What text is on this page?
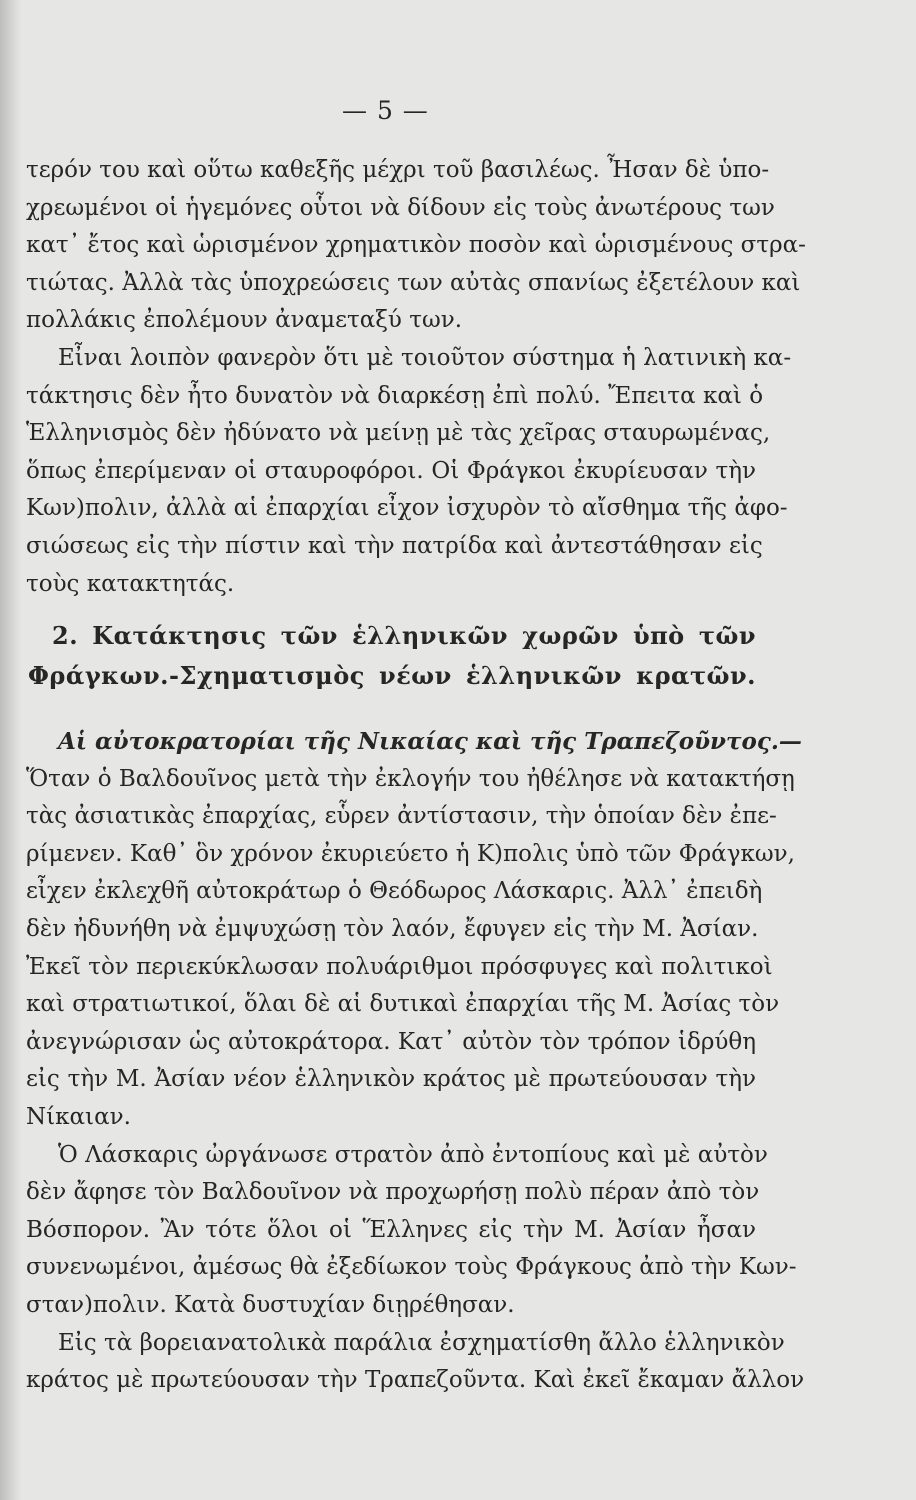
— 5 —
τερόν του καὶ οὕτω καθεξῆς μέχρι τοῦ βασιλέως. Ἦσαν δὲ ὑπο-
χρεωμένοι οἱ ἡγεμόνες οὗτοι νὰ δίδουν εἰς τοὺς ἀνωτέρους των
κατ᾽ ἔτος καὶ ὡρισμένον χρηματικὸν ποσὸν καὶ ὡρισμένους στρα-
τιώτας. Ἀλλὰ τὰς ὑποχρεώσεις των αὐτὰς σπανίως ἐξετέλουν καὶ
πολλάκις ἐπολέμουν ἀναμεταξύ των.
Εἶναι λοιπὸν φανερὸν ὅτι μὲ τοιοῦτον σύστημα ἡ λατινικὴ κα-
τάκτησις δὲν ἦτο δυνατὸν νὰ διαρκέσῃ ἐπὶ πολύ. Ἔπειτα καὶ ὁ
Ἑλληνισμὸς δὲν ἠδύνατο νὰ μείνῃ μὲ τὰς χεῖρας σταυρωμένας,
ὅπως ἐπερίμεναν οἱ σταυροφόροι. Οἱ Φράγκοι ἐκυρίευσαν τὴν
Κων)πολιν, ἀλλὰ αἱ ἐπαρχίαι εἶχον ἰσχυρὸν τὸ αἴσθημα τῆς ἀφο-
σιώσεως εἰς τὴν πίστιν καὶ τὴν πατρίδα καὶ ἀντεστάθησαν εἰς
τοὺς κατακτητάς.
2. Κατάκτησις τῶν ἑλληνικῶν χωρῶν ὑπὸ τῶν
Φράγκων.-Σχηματισμὸς νέων ἑλληνικῶν κρατῶν.
Αἱ αὐτοκρατορίαι τῆς Νικαίας καὶ τῆς Τραπεζοῦντος.—
Ὅταν ὁ Βαλδουῖνος μετὰ τὴν ἐκλογήν του ἠθέλησε νὰ κατακτήσῃ
τὰς ἀσιατικὰς ἐπαρχίας, εὗρεν ἀντίστασιν, τὴν ὁποίαν δὲν ἐπε-
ρίμενεν. Καθ᾽ ὃν χρόνον ἐκυριεύετο ἡ Κ)πολις ὑπὸ τῶν Φράγκων,
εἶχεν ἐκλεχθῆ αὐτοκράτωρ ὁ Θεόδωρος Λάσκαρις. Ἀλλ᾽ ἐπειδὴ
δὲν ἠδυνήθη νὰ ἐμψυχώσῃ τὸν λαόν, ἔφυγεν εἰς τὴν Μ. Ἀσίαν.
Ἐκεῖ τὸν περιεκύκλωσαν πολυάριθμοι πρόσφυγες καὶ πολιτικοὶ
καὶ στρατιωτικοί, ὅλαι δὲ αἱ δυτικαὶ ἐπαρχίαι τῆς Μ. Ἀσίας τὸν
ἀνεγνώρισαν ὡς αὐτοκράτορα. Κατ᾽ αὐτὸν τὸν τρόπον ἱδρύθη
εἰς τὴν Μ. Ἀσίαν νέον ἑλληνικὸν κράτος μὲ πρωτεύουσαν τὴν
Νίκαιαν.
Ὁ Λάσκαρις ὠργάνωσε στρατὸν ἀπὸ ἐντοπίους καὶ μὲ αὐτὸν
δὲν ἄφησε τὸν Βαλδουῖνον νὰ προχωρήσῃ πολὺ πέραν ἀπὸ τὸν
Βόσπορον. Ἂν τότε ὅλοι οἱ Ἕλληνες εἰς τὴν Μ. Ἀσίαν ἦσαν
συνενωμένοι, ἀμέσως θὰ ἐξεδίωκον τοὺς Φράγκους ἀπὸ τὴν Κων-
σταν)πολιν. Κατὰ δυστυχίαν διῃρέθησαν.
Εἰς τὰ βορειανατολικὰ παράλια ἐσχηματίσθη ἄλλο ἑλληνικὸν
κράτος μὲ πρωτεύουσαν τὴν Τραπεζοῦντα. Καὶ ἐκεῖ ἔκαμαν ἄλλον
